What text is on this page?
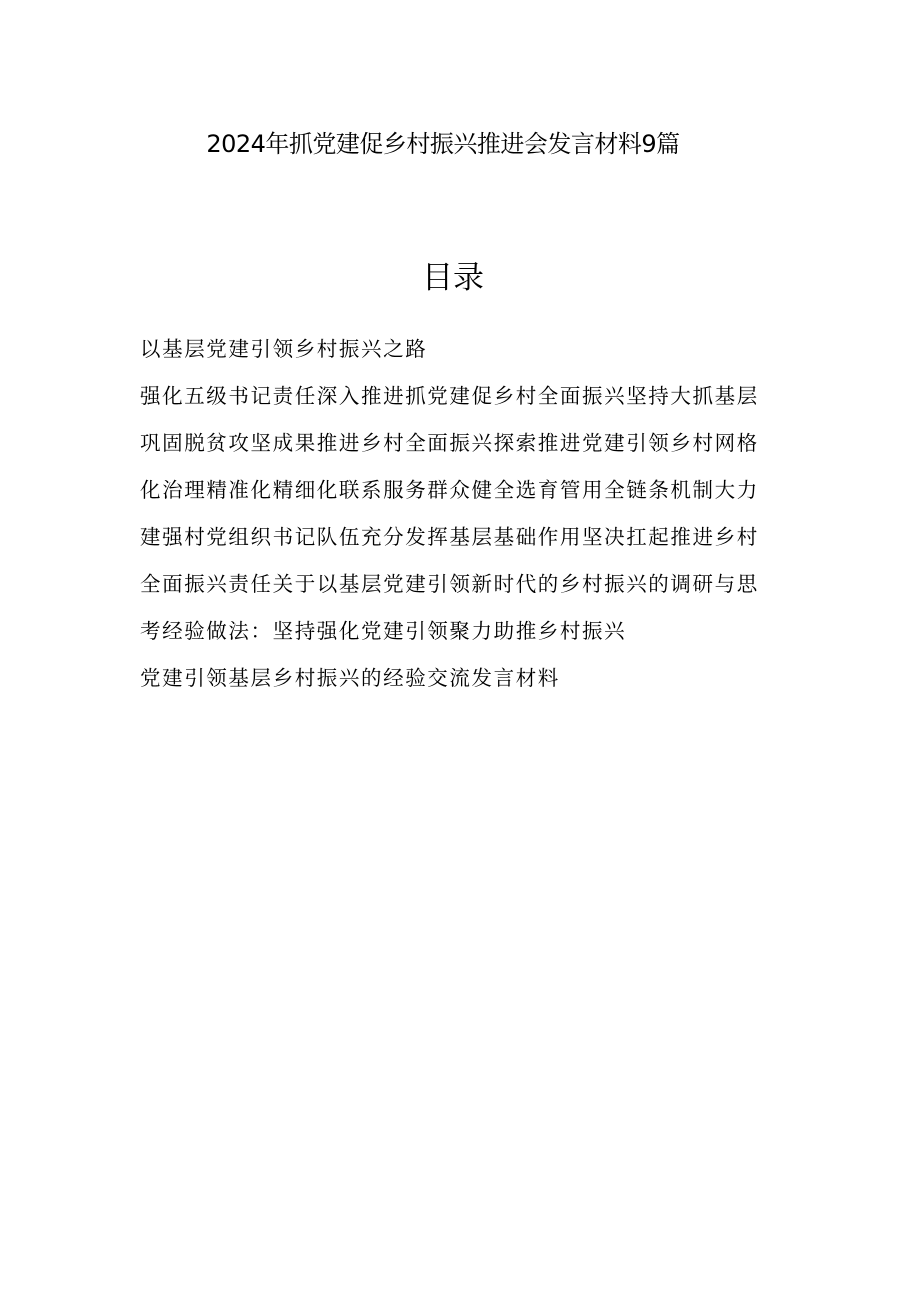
2024年抓党建促乡村振兴推进会发言材料9篇
目录
以基层党建引领乡村振兴之路
强化五级书记责任深入推进抓党建促乡村全面振兴坚持大抓基层巩固脱贫攻坚成果推进乡村全面振兴探索推进党建引领乡村网格化治理精准化精细化联系服务群众健全选育管用全链条机制大力建强村党组织书记队伍充分发挥基层基础作用坚决扛起推进乡村全面振兴责任关于以基层党建引领新时代的乡村振兴的调研与思考经验做法：坚持强化党建引领聚力助推乡村振兴
党建引领基层乡村振兴的经验交流发言材料
